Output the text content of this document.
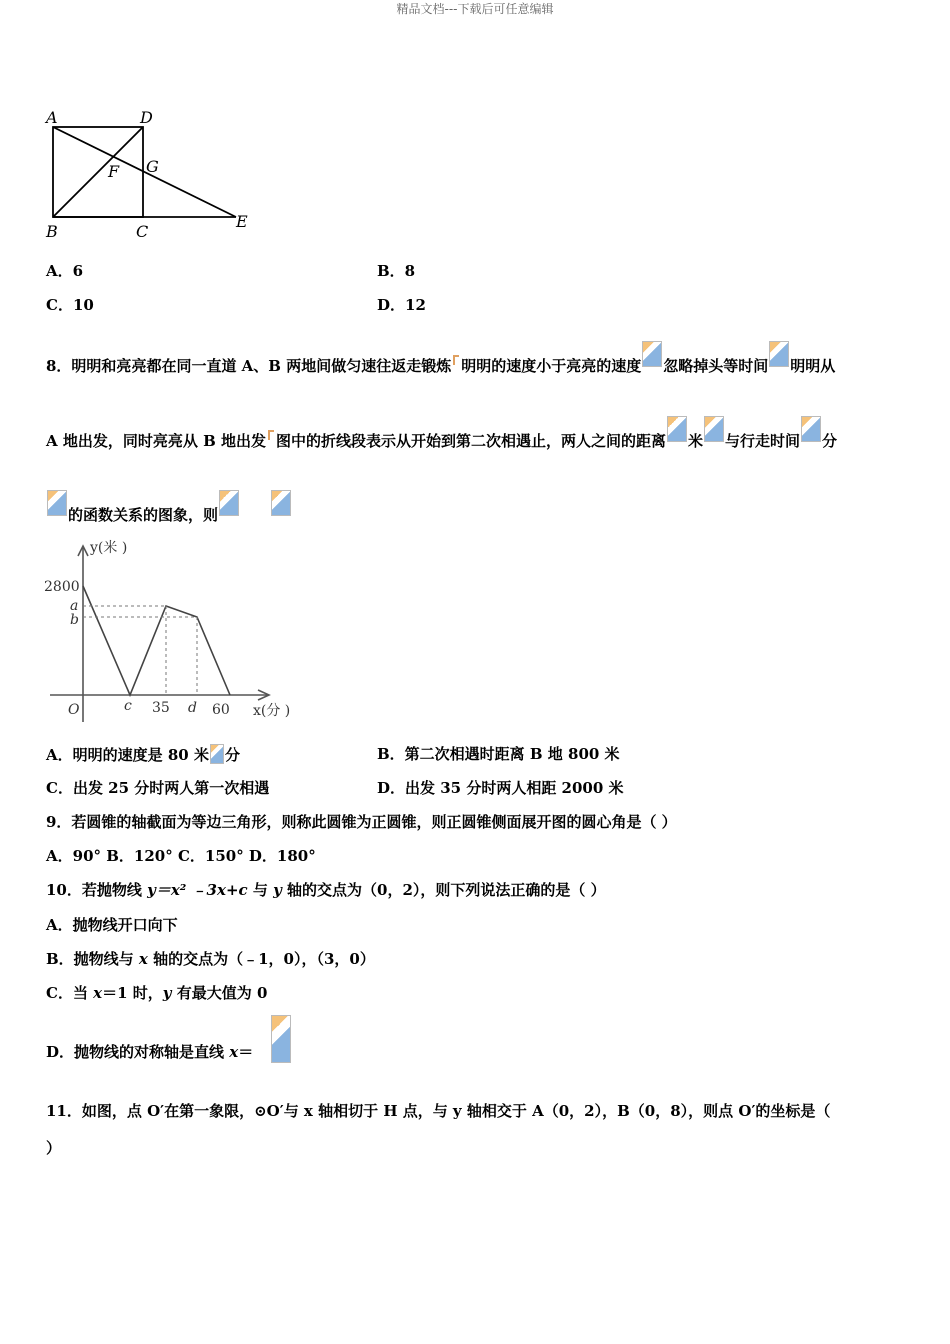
精品文档---下载后可任意编辑
A	D
F G
B	C
E
A．6	B．8
C．10	D．12
8．明明和亮亮都在同一直道 A、B 两地间做匀速往返走锻炼 明明的速度小于亮亮的速度 忽略掉头等时间 明明从
A 地出发，同时亮亮从 B 地出发 图中的折线段表示从开始到第二次相遇止，两人之间的距离 米 与行走时间 分
的函数关系的图象，则
y(米 )
x(分 )
2800
a
b
O	c 35 d 60
A．明明的速度是 80 米 分	B．第二次相遇时距离 B 地 800 米
C．出发 25 分时两人第一次相遇	D．出发 35 分时两人相距 2000 米
9．若圆锥的轴截面为等边三角形，则称此圆锥为正圆锥，则正圆锥侧面展开图的圆心角是（ ）
A．90° B．120° C．150° D．180°
10．若抛物线 y＝x² ﹣3x+c 与 y 轴的交点为（0，2），则下列说法正确的是（ ）
A．抛物线开口向下
B．抛物线与 x 轴的交点为（﹣1，0），（3，0）
C．当 x＝1 时，y 有最大值为 0
D．抛物线的对称轴是直线 x＝
11．如图，点 O′在第一象限，⊙O′与 x 轴相切于 H 点，与 y 轴相交于 A（0，2），B（0，8），则点 O′的坐标是（
）
